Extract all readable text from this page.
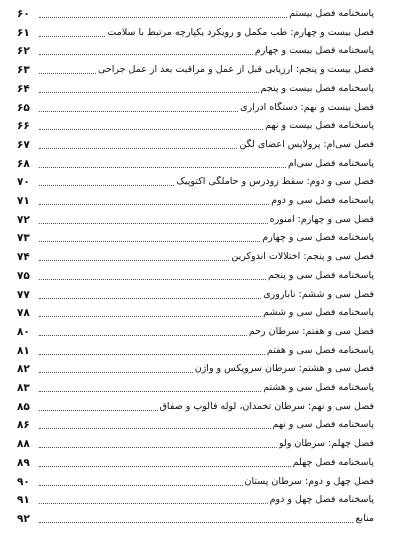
۶۰	پاسخنامه فصل بیستم
۶۱	فصل بیست و چهارم: طب مکمل و رویکرد یکپارچه مرتبط با سلامت
۶۲	پاسخنامه فصل بیست و چهارم
۶۳	فصل بیست و پنجم: ارزیابی قبل از عمل و مراقبت بعد از عمل جراحی
۶۴	پاسخنامه فصل بیست و پنجم
۶۵	فصل بیست و نهم: دستگاه ادراری
۶۶	پاسخنامه فصل بیست و نهم
۶۷	فصل سی‌ام: پرولاپس اعضای لگن
۶۸	پاسخنامه فصل سی‌ام
۷۰	فصل سی و دوم: سقط زودرس و حاملگی اکتوپیک
۷۱	پاسخنامه فصل سی و دوم
۷۲	فصل سی و چهارم: آمنوره
۷۳	پاسخنامه فصل سی و چهارم
۷۴	فصل سی و پنجم: اختلالات اندوکرین
۷۵	پاسخنامه فصل سی و پنجم
۷۷	فصل سی و ششم: ناباروری
۷۸	پاسخنامه فصل سی و ششم
۸۰	فصل سی و هفتم: سرطان رحم
۸۱	پاسخنامه فصل سی و هفتم
۸۲	فصل سی و هشتم: سرطان سرویکس و واژن
۸۳	پاسخنامه فصل سی و هشتم
۸۵	فصل سی و نهم: سرطان تخمدان، لوله فالوپ و صفاق
۸۶	پاسخنامه فصل سی و نهم
۸۸	فصل چهلم: سرطان ولو
۸۹	پاسخنامه فصل چهلم
۹۰	فصل چهل و دوم: سرطان پستان
۹۱	پاسخنامه فصل چهل و دوم
۹۲	منابع
